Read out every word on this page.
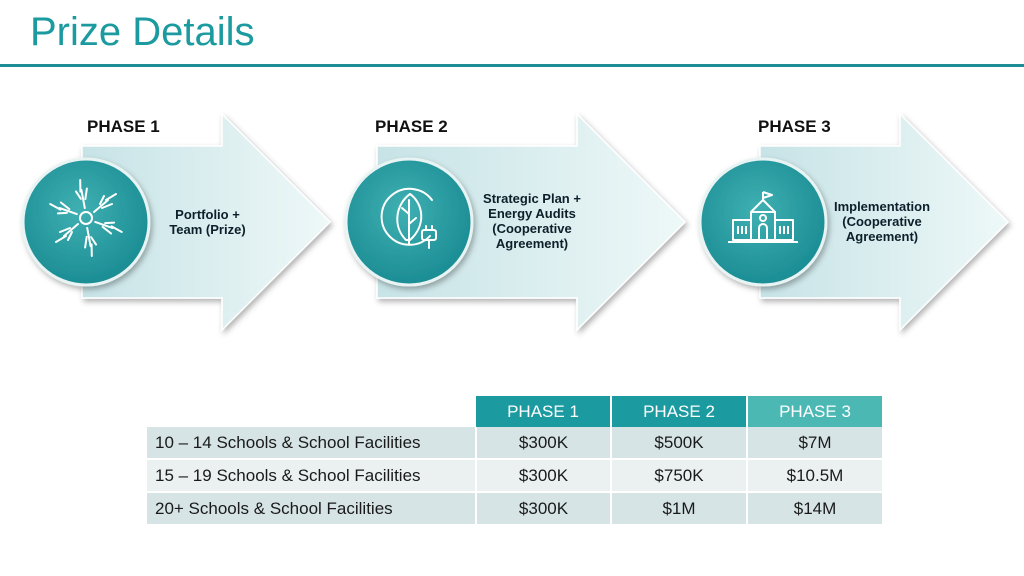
Prize Details
PHASE 1	PHASE 2	PHASE 3
Portfolio +
Team (Prize)
Strategic Plan +
Energy Audits
(Cooperative
Agreement)
Implementation
(Cooperative
Agreement)
	PHASE 1	PHASE 2	PHASE 3
10 – 14 Schools & School Facilities	$300K	$500K	$7M
15 – 19 Schools & School Facilities	$300K	$750K	$10.5M
20+ Schools & School Facilities	$300K	$1M	$14M
